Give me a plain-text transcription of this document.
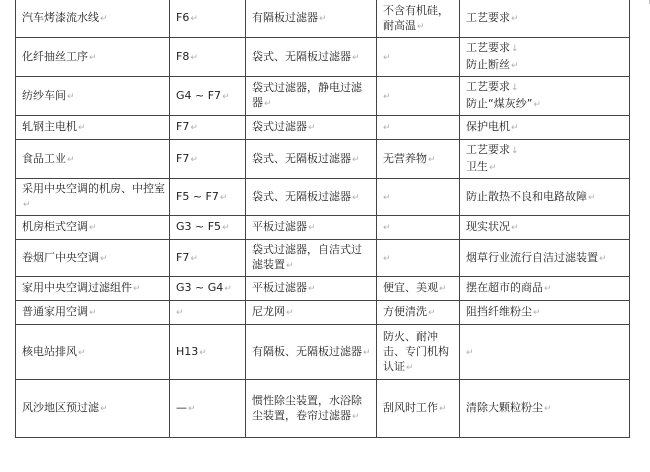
汽车烤漆流水线↵	F6↵	有隔板过滤器↵	不含有机硅，耐高温↵	工艺要求↵
化纤抽丝工序↵	F8↵	袋式、无隔板过滤器↵	↵	工艺要求↓
防止断丝↵
纺纱车间↵	G4 ~ F7↵	袋式过滤器，静电过滤器↵	↵	工艺要求↓
防止“煤灰纱”↵
轧钢主电机↵	F7↵	袋式过滤器↵	↵	保护电机↵
食品工业↵	F7↵	袋式、无隔板过滤器↵	无营养物↵	工艺要求↓
卫生↵
采用中央空调的机房、中控室↵	F5 ~ F7↵	袋式、无隔板过滤器↵	↵	防止散热不良和电路故障↵
机房柜式空调↵	G3 ~ F5↵	平板过滤器↵	↵	现实状况↵
卷烟厂中央空调↵	F7↵	袋式过滤器，自洁式过滤装置↵	↵	烟草行业流行自洁过滤装置↵
家用中央空调过滤组件↵	G3 ~ G4↵	平板过滤器↵	便宜、美观↵	摆在超市的商品↵
普通家用空调↵	↵	尼龙网↵	方便清洗↵	阻挡纤维粉尘↵
核电站排风↵	H13↵	有隔板、无隔板过滤器↵	防火、耐冲击、专门机构认证↵	↵
风沙地区预过滤↵	—↵	惯性除尘装置，水浴除尘装置，卷帘过滤器↵	刮风时工作↵	清除大颗粒粉尘↵
